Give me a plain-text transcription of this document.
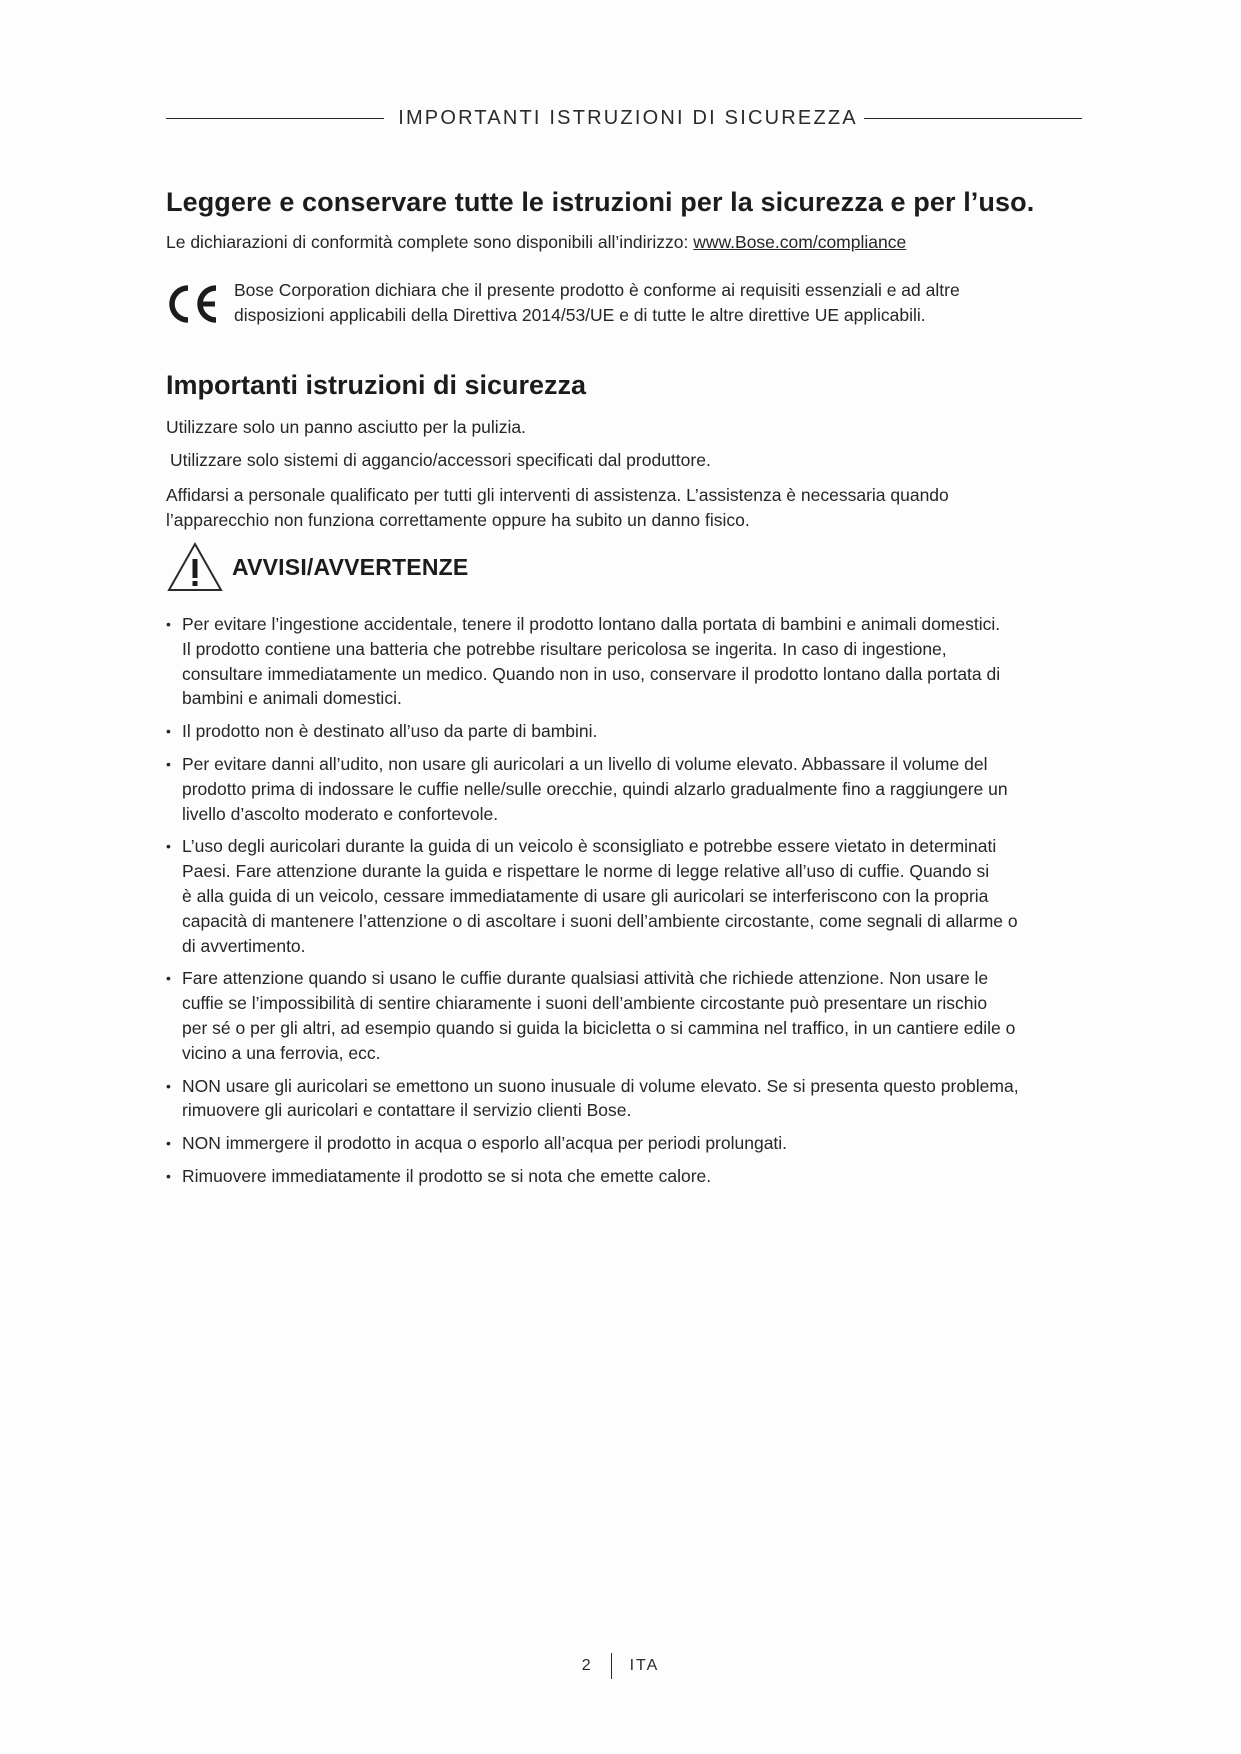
IMPORTANTI ISTRUZIONI DI SICUREZZA
Leggere e conservare tutte le istruzioni per la sicurezza e per l’uso.
Le dichiarazioni di conformità complete sono disponibili all’indirizzo: www.Bose.com/compliance
Bose Corporation dichiara che il presente prodotto è conforme ai requisiti essenziali e ad altre
disposizioni applicabili della Direttiva 2014/53/UE e di tutte le altre direttive UE applicabili.
Importanti istruzioni di sicurezza
Utilizzare solo un panno asciutto per la pulizia.
Utilizzare solo sistemi di aggancio/accessori specificati dal produttore.
Affidarsi a personale qualificato per tutti gli interventi di assistenza. L’assistenza è necessaria quando
l’apparecchio non funziona correttamente oppure ha subito un danno fisico.
AVVISI/AVVERTENZE
• Per evitare l’ingestione accidentale, tenere il prodotto lontano dalla portata di bambini e animali domestici.
Il prodotto contiene una batteria che potrebbe risultare pericolosa se ingerita. In caso di ingestione,
consultare immediatamente un medico. Quando non in uso, conservare il prodotto lontano dalla portata di
bambini e animali domestici.
• Il prodotto non è destinato all’uso da parte di bambini.
• Per evitare danni all’udito, non usare gli auricolari a un livello di volume elevato. Abbassare il volume del
prodotto prima di indossare le cuffie nelle/sulle orecchie, quindi alzarlo gradualmente fino a raggiungere un
livello d’ascolto moderato e confortevole.
• L’uso degli auricolari durante la guida di un veicolo è sconsigliato e potrebbe essere vietato in determinati
Paesi. Fare attenzione durante la guida e rispettare le norme di legge relative all’uso di cuffie. Quando si
è alla guida di un veicolo, cessare immediatamente di usare gli auricolari se interferiscono con la propria
capacità di mantenere l’attenzione o di ascoltare i suoni dell’ambiente circostante, come segnali di allarme o
di avvertimento.
• Fare attenzione quando si usano le cuffie durante qualsiasi attività che richiede attenzione. Non usare le
cuffie se l’impossibilità di sentire chiaramente i suoni dell’ambiente circostante può presentare un rischio
per sé o per gli altri, ad esempio quando si guida la bicicletta o si cammina nel traffico, in un cantiere edile o
vicino a una ferrovia, ecc.
• NON usare gli auricolari se emettono un suono inusuale di volume elevato. Se si presenta questo problema,
rimuovere gli auricolari e contattare il servizio clienti Bose.
• NON immergere il prodotto in acqua o esporlo all’acqua per periodi prolungati.
• Rimuovere immediatamente il prodotto se si nota che emette calore.
2 ITA
